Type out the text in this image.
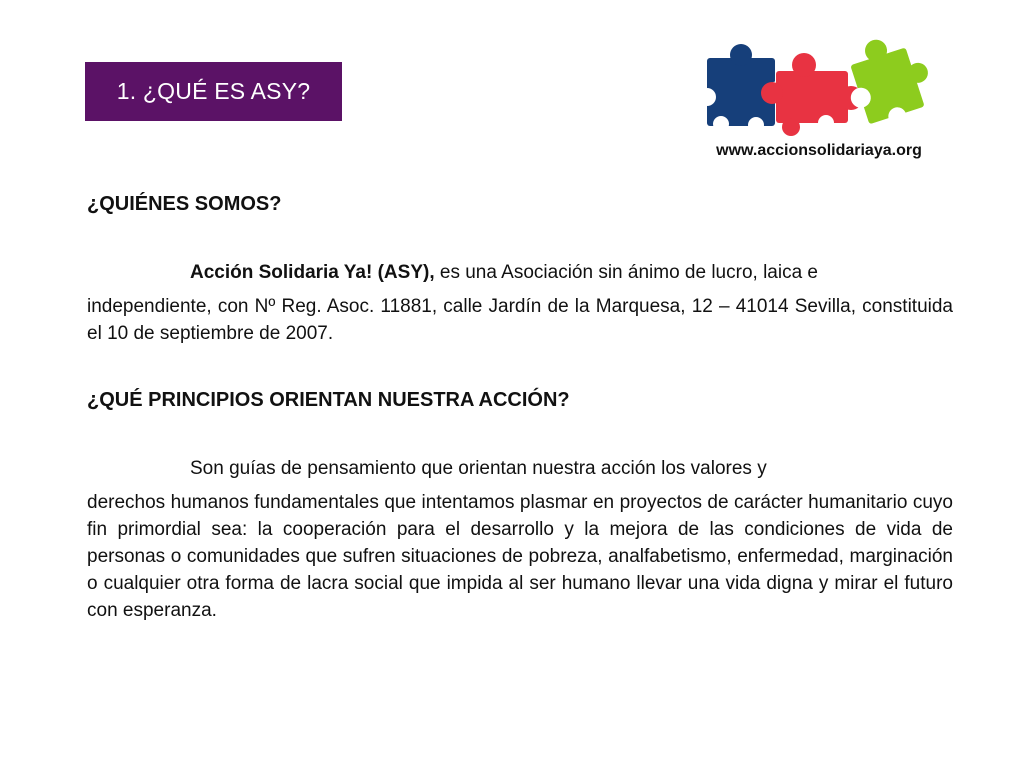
1. ¿QUÉ ES ASY?
www.accionsolidariaya.org
¿QUIÉNES SOMOS?

Acción Solidaria Ya! (ASY), es una Asociación sin ánimo de lucro, laica e
independiente, con Nº Reg. Asoc. 11881, calle Jardín de la Marquesa, 12 – 41014 Sevilla, constituida el 10 de septiembre de 2007.

¿QUÉ PRINCIPIOS ORIENTAN NUESTRA ACCIÓN?

Son guías de pensamiento que orientan nuestra acción los valores y
derechos humanos fundamentales que intentamos plasmar en proyectos de carácter humanitario cuyo fin primordial sea: la cooperación para el desarrollo y la mejora de las condiciones de vida de personas o comunidades que sufren situaciones de pobreza, analfabetismo, enfermedad, marginación o cualquier otra forma de lacra social que impida al ser humano llevar una vida digna y mirar el futuro con esperanza.
